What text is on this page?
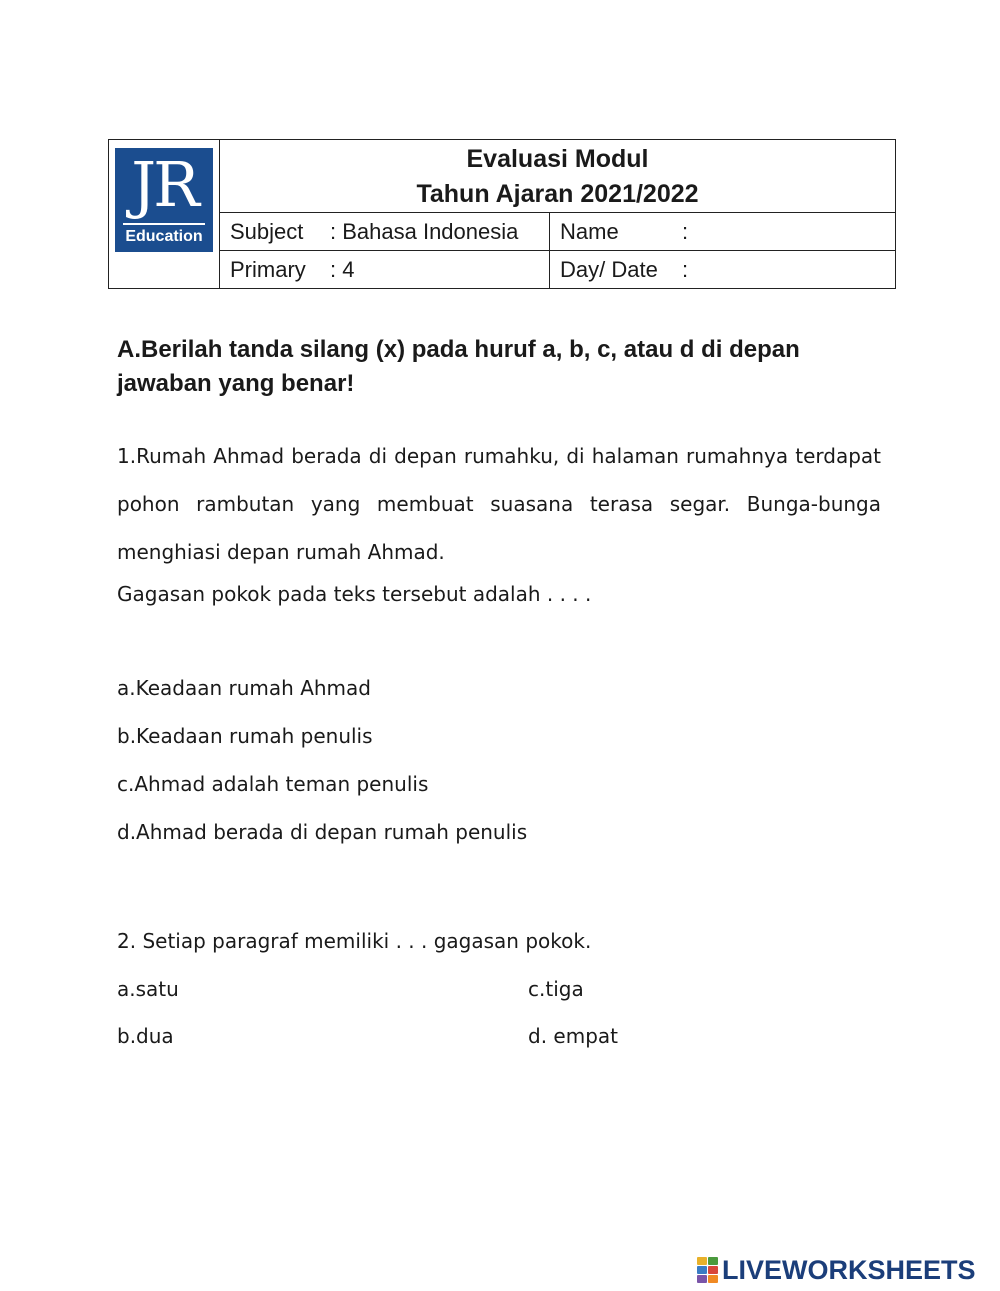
JR
Education
Evaluasi Modul
Tahun Ajaran 2021/2022
Subject	: Bahasa Indonesia Name	:
Primary	: 4	Day/ Date	:
A.Berilah tanda silang (x) pada huruf a, b, c, atau d di depan jawaban yang benar!
1.Rumah Ahmad berada di depan rumahku, di halaman rumahnya terdapat pohon rambutan yang membuat suasana terasa segar. Bunga-bunga menghiasi depan rumah Ahmad.
Gagasan pokok pada teks tersebut adalah . . . .
a.Keadaan rumah Ahmad
b.Keadaan rumah penulis
c.Ahmad adalah teman penulis
d.Ahmad berada di depan rumah penulis
2. Setiap paragraf memiliki . . . gagasan pokok.
a.satu	c.tiga
b.dua	d. empat
LIVEWORKSHEETS
